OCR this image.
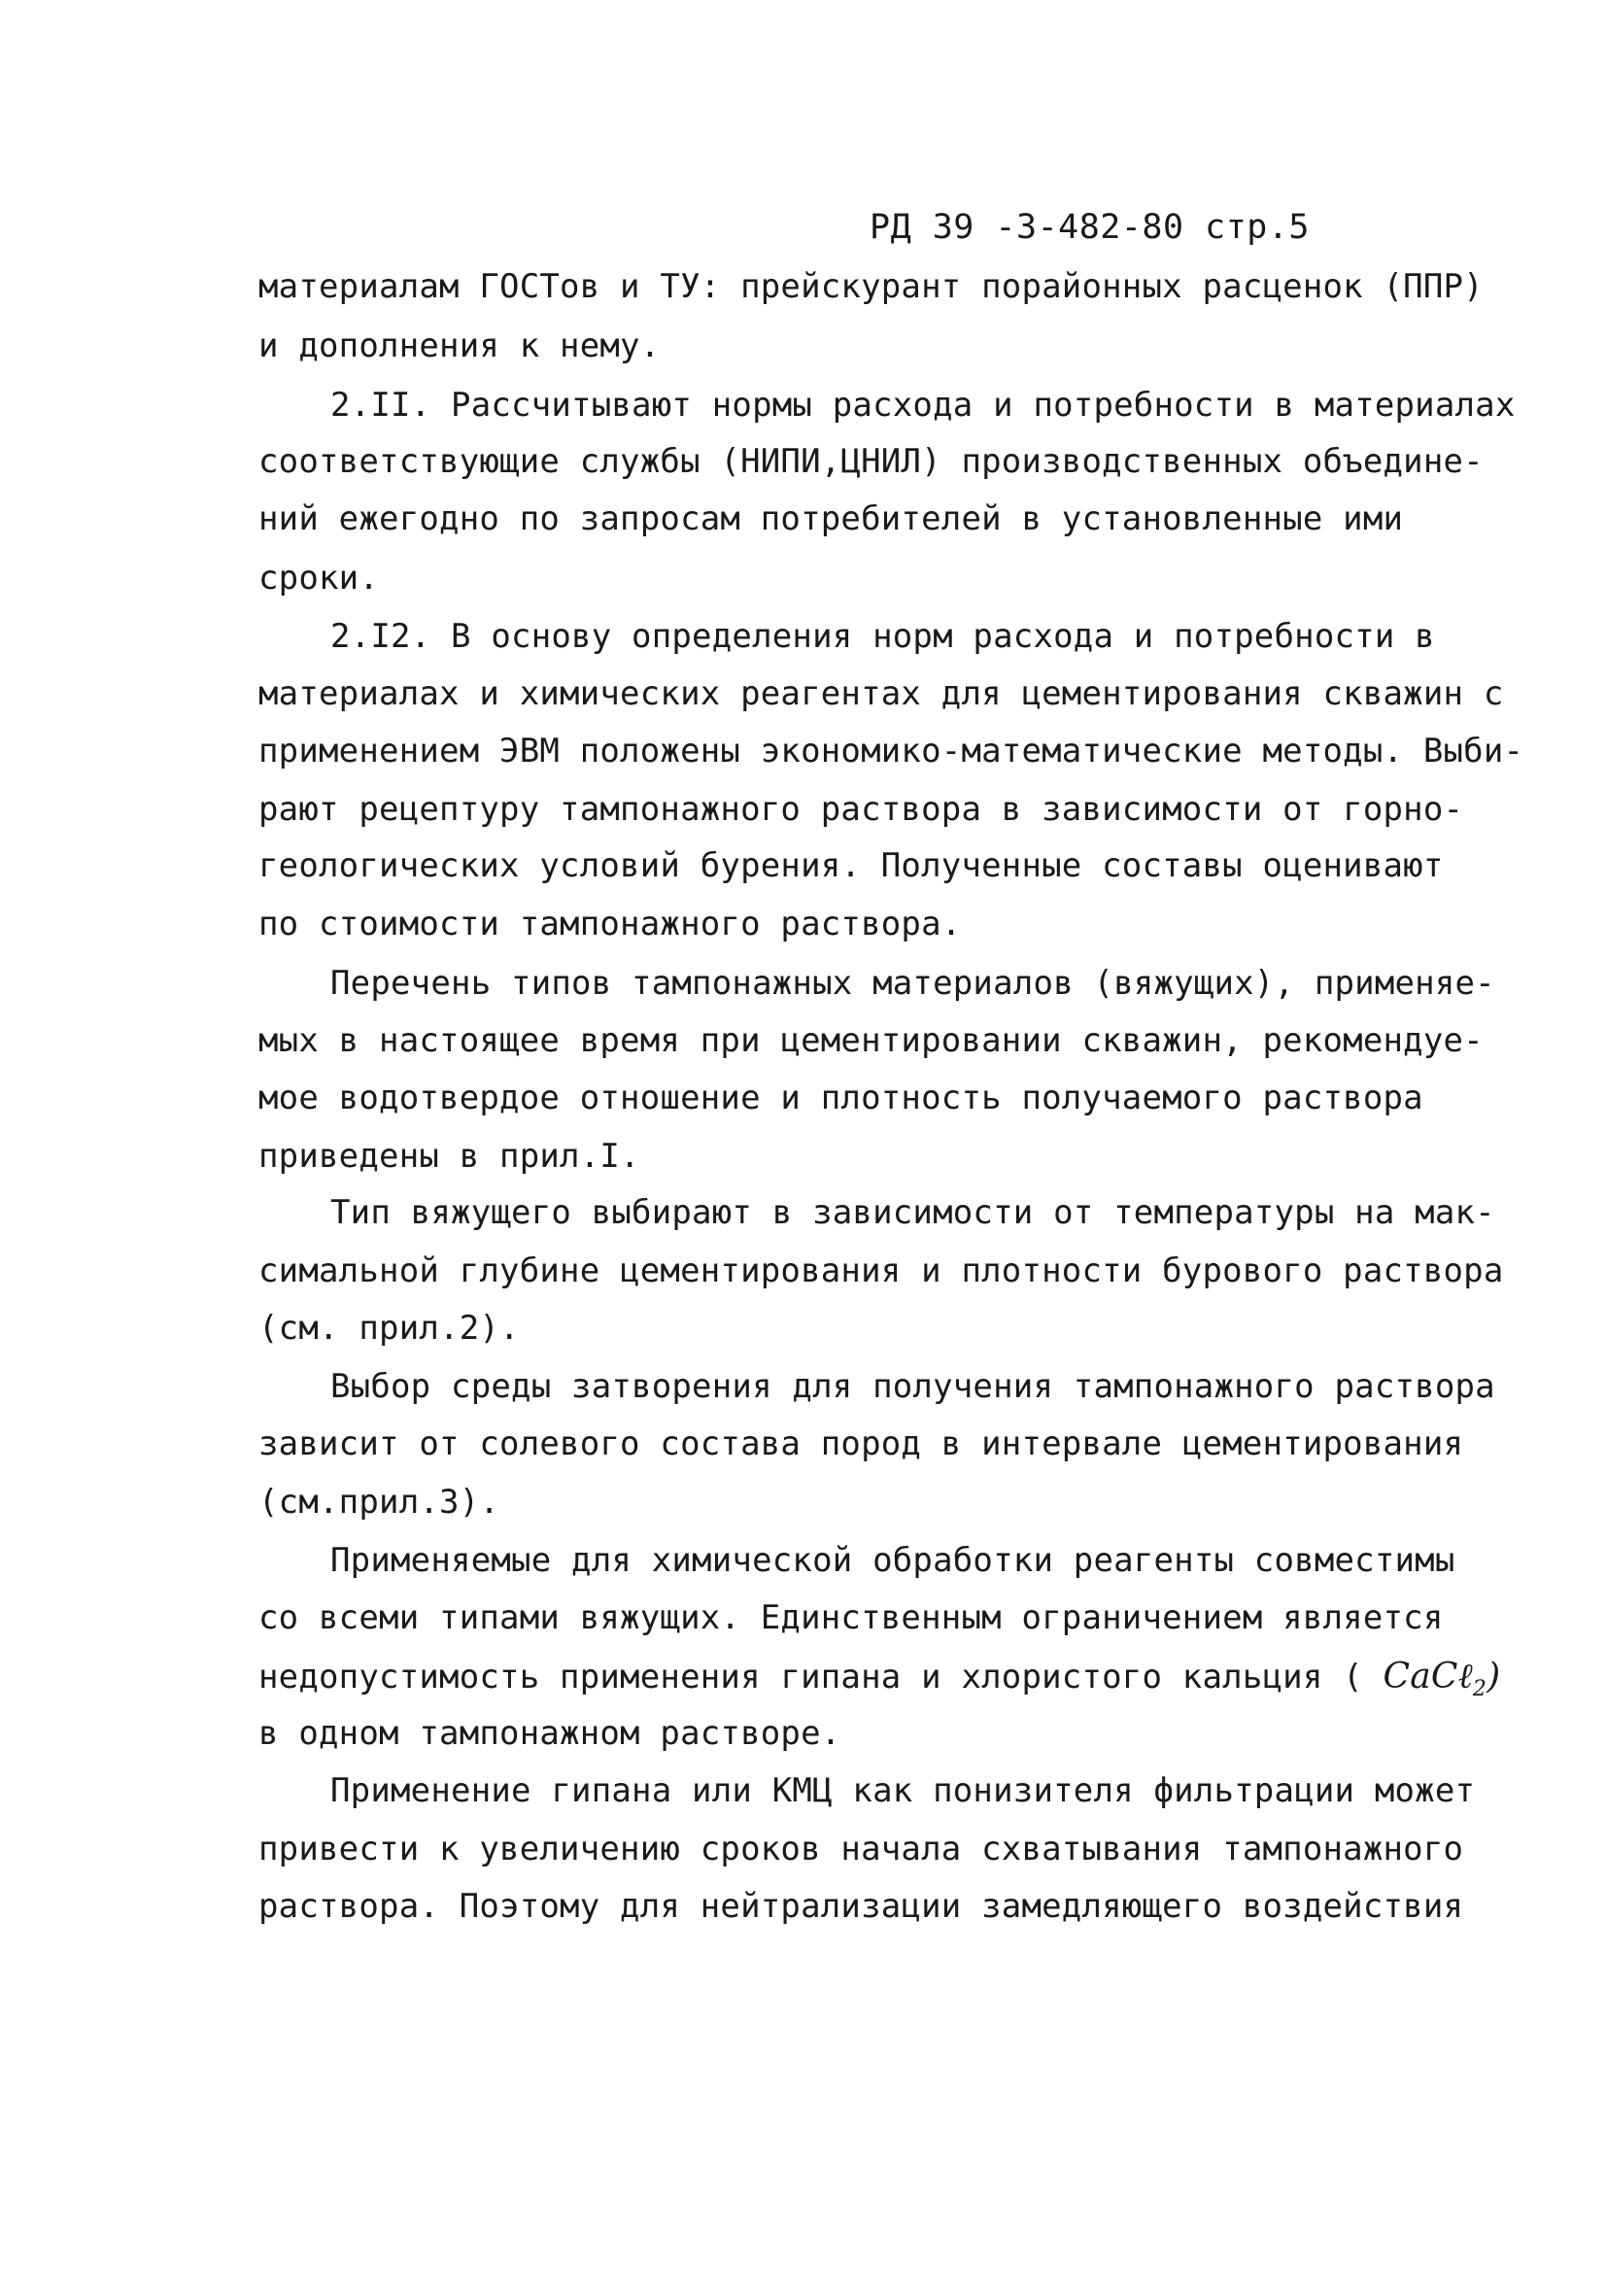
РД 39 -3-482-80 стр.5
материалам ГОСТов и ТУ: прейскурант порайонных расценок (ППР)
и дополнения к нему.
2.II. Рассчитывают нормы расхода и потребности в материалах
соответствующие службы (НИПИ,ЦНИЛ) производственных объедине-
ний ежегодно по запросам потребителей в установленные ими
сроки.
2.I2. В основу определения норм расхода и потребности в
материалах и химических реагентах для цементирования скважин с
применением ЭВМ положены экономико-математические методы. Выби-
рают рецептуру тампонажного раствора в зависимости от горно-
геологических условий бурения. Полученные составы оценивают
по стоимости тампонажного раствора.
Перечень типов тампонажных материалов (вяжущих), применяе-
мых в настоящее время при цементировании скважин, рекомендуе-
мое водотвердое отношение и плотность получаемого раствора
приведены в прил.I.
Тип вяжущего выбирают в зависимости от температуры на мак-
симальной глубине цементирования и плотности бурового раствора
(см. прил.2).
Выбор среды затворения для получения тампонажного раствора
зависит от солевого состава пород в интервале цементирования
(см.прил.3).
Применяемые для химической обработки реагенты совместимы
со всеми типами вяжущих. Единственным ограничением является
недопустимость применения гипана и хлористого кальция ( CaCℓ$_2$)
в одном тампонажном растворе.
Применение гипана или КМЦ как понизителя фильтрации может
привести к увеличению сроков начала схватывания тампонажного
раствора. Поэтому для нейтрализации замедляющего воздействия
